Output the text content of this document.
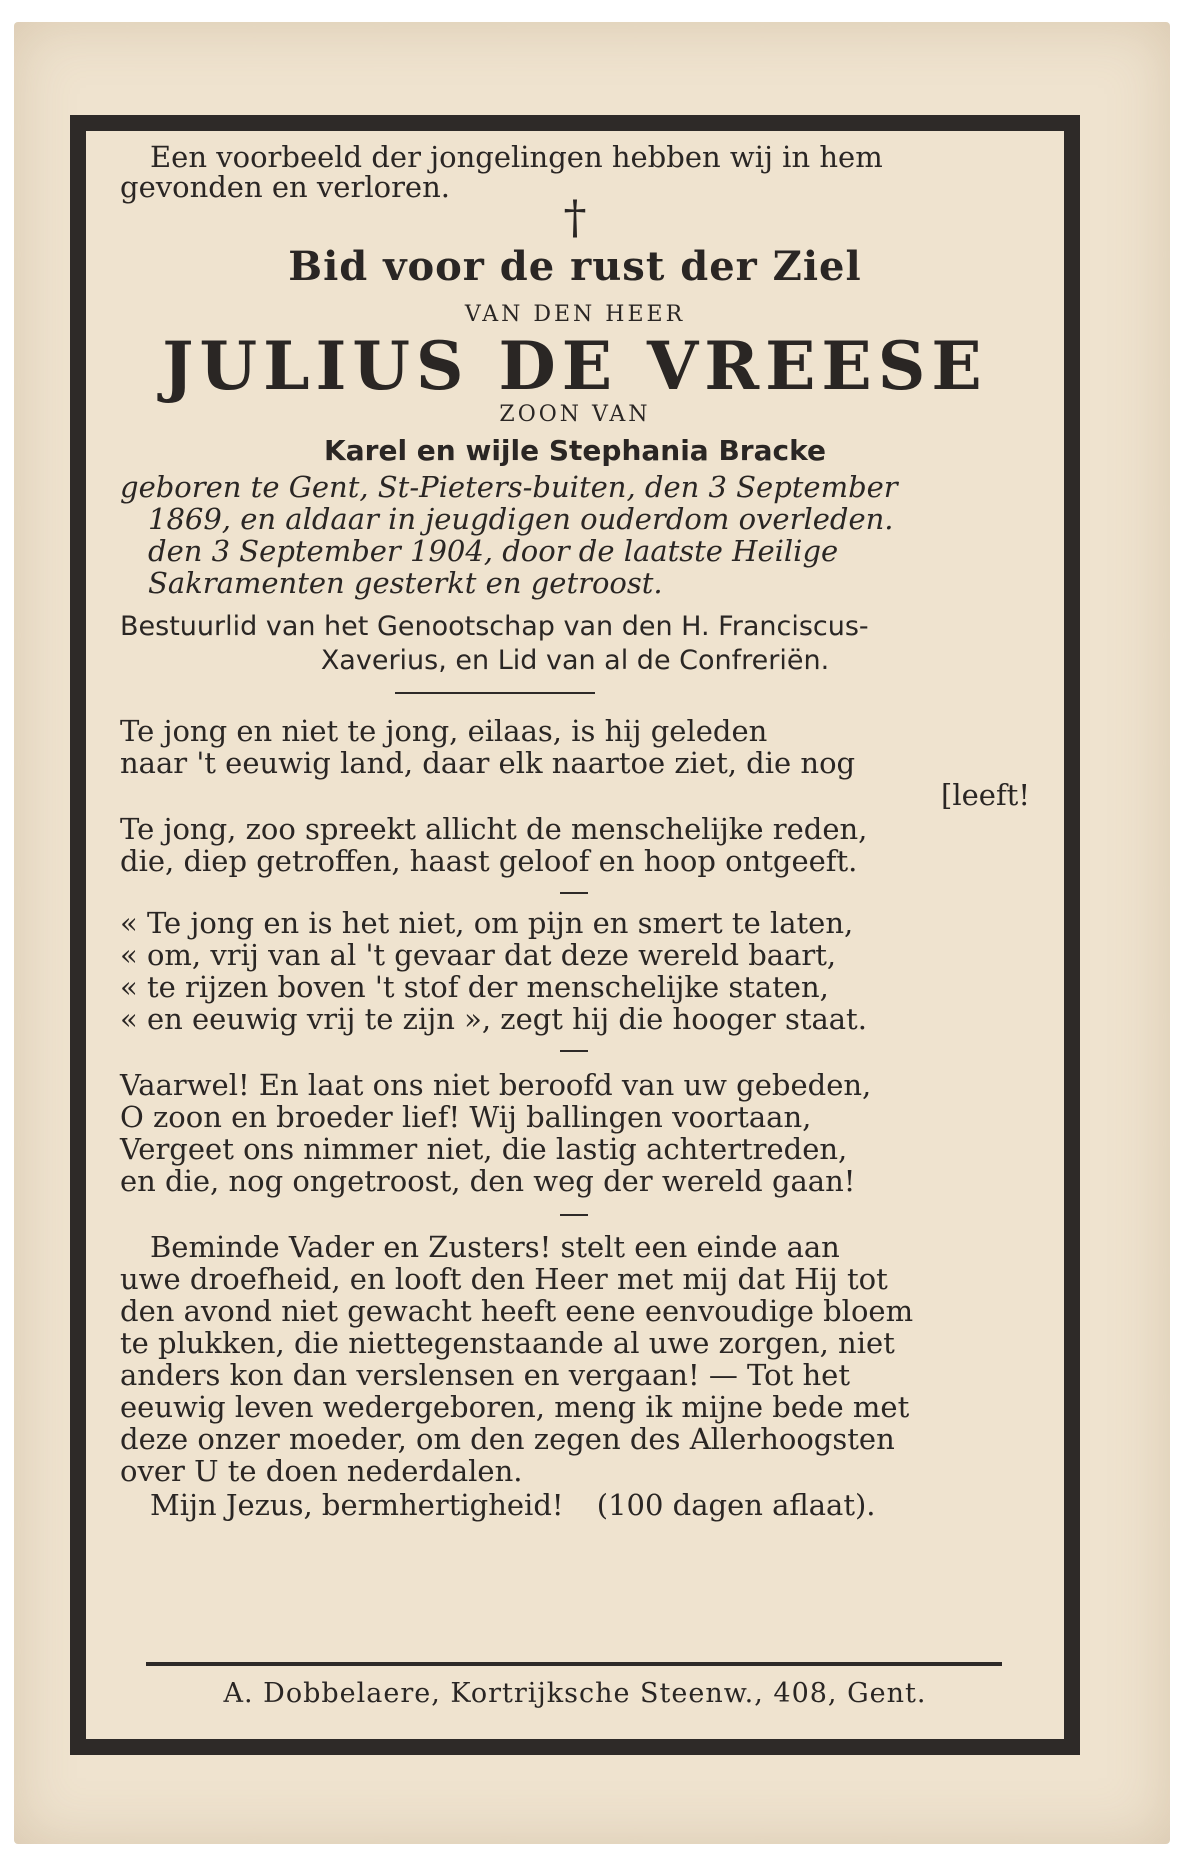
Een voorbeeld der jongelingen hebben wij in hem
gevonden en verloren.
†
Bid voor de rust der Ziel
VAN DEN HEER
JULIUS DE VREESE
ZOON VAN
Karel en wijle Stephania Bracke
geboren te Gent, St-Pieters-buiten, den 3 September
1869, en aldaar in jeugdigen ouderdom overleden.
den 3 September 1904, door de laatste Heilige
Sakramenten gesterkt en getroost.
Bestuurlid van het Genootschap van den H. Franciscus-
Xaverius, en Lid van al de Confreriën.
Te jong en niet te jong, eilaas, is hij geleden
naar 't eeuwig land, daar elk naartoe ziet, die nog
[leeft!
Te jong, zoo spreekt allicht de menschelijke reden,
die, diep getroffen, haast geloof en hoop ontgeeft.
« Te jong en is het niet, om pijn en smert te laten,
« om, vrij van al 't gevaar dat deze wereld baart,
« te rijzen boven 't stof der menschelijke staten,
« en eeuwig vrij te zijn », zegt hij die hooger staat.
Vaarwel! En laat ons niet beroofd van uw gebeden,
O zoon en broeder lief! Wij ballingen voortaan,
Vergeet ons nimmer niet, die lastig achtertreden,
en die, nog ongetroost, den weg der wereld gaan!
Beminde Vader en Zusters! stelt een einde aan
uwe droefheid, en looft den Heer met mij dat Hij tot
den avond niet gewacht heeft eene eenvoudige bloem
te plukken, die niettegenstaande al uwe zorgen, niet
anders kon dan verslensen en vergaan! — Tot het
eeuwig leven wedergeboren, meng ik mijne bede met
deze onzer moeder, om den zegen des Allerhoogsten
over U te doen nederdalen.
Mijn Jezus, bermhertigheid! (100 dagen aflaat).
A. Dobbelaere, Kortrijksche Steenw., 408, Gent.
